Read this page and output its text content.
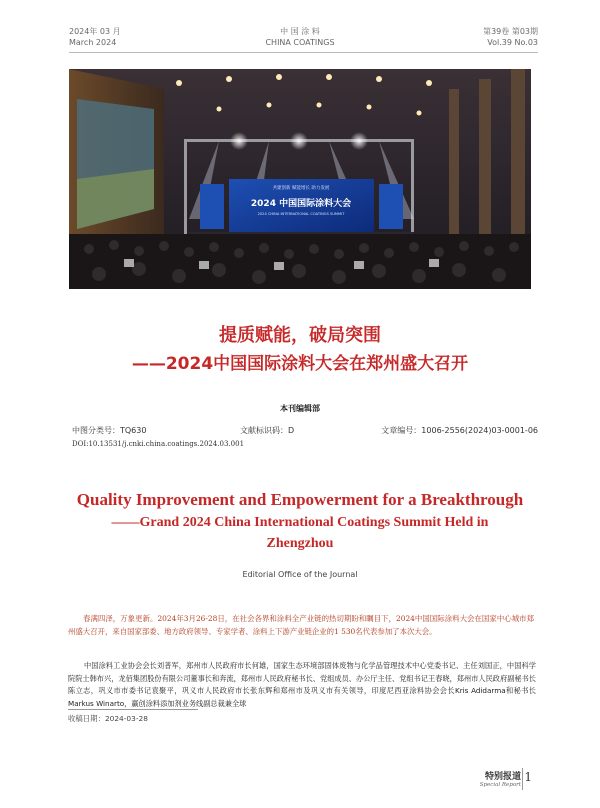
2024年 03 月
March 2024
中 国 涂 料
CHINA COATINGS
第39卷 第03期
Vol.39 No.03
共建创新 赋能增长 助力发展
2024 中国国际涂料大会
2024 CHINA INTERNATIONAL COATINGS SUMMIT
提质赋能，破局突围
——2024中国国际涂料大会在郑州盛大召开
本刊编辑部
中图分类号：TQ630	文献标识码：D	文章编号：1006-2556(2024)03-0001-06
DOI:10.13531/j.cnki.china.coatings.2024.03.001
Quality Improvement and Empowerment for a Breakthrough
——Grand 2024 China International Coatings Summit Held in
Zhengzhou
Editorial Office of the Journal
春满四泽，万象更新。2024年3月26-28日，在社会各界和涂料全产业链的热切期盼和瞩目下，2024中国国际涂料大会在国家中心城市郑州盛大召开，来自国家部委、地方政府领导、专家学者、涂料上下游产业链企业的1 530名代表参加了本次大会。
中国涂料工业协会会长刘普军，郑州市人民政府市长何雄，国家生态环境部固体废物与化学品管理技术中心党委书记、主任刘国正，中国科学院院士韩布兴，龙佰集团股份有限公司董事长和奔流，郑州市人民政府秘书长、党组成员、办公厅主任、党组书记王春晓，郑州市人民政府副秘书长陈立志，巩义市市委书记袁聚平，巩义市人民政府市长张东辉和郑州市及巩义市有关领导，印度尼西亚涂料协会会长Kris Adidarma和秘书长Markus Winarto，赢创涂料添加剂业务线副总裁兼全球
收稿日期：2024-03-28
特别报道
Special Report
1
